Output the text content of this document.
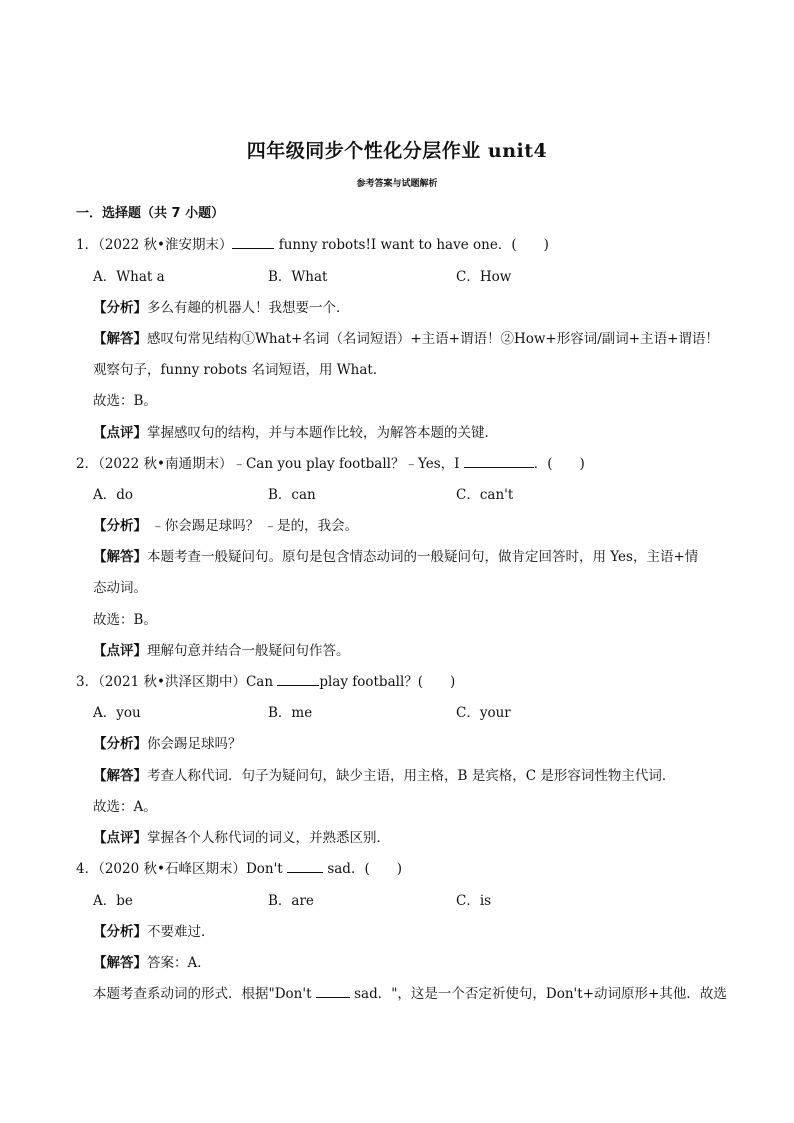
四年级同步个性化分层作业 unit4
参考答案与试题解析
一．选择题（共 7 小题）
1．（2022 秋•淮安期末）	funny robots!I want to have one．(　　)
A．What a	B．What	C．How
【分析】多么有趣的机器人！我想要一个．
【解答】感叹句常见结构①What+名词（名词短语）+主语+谓语！②How+形容词/副词+主语+谓语！
观察句子，funny robots 名词短语，用 What．
故选：B。
【点评】掌握感叹句的结构，并与本题作比较，为解答本题的关键．
2．（2022 秋•南通期末）﹣Can you play football？﹣Yes，I	．(　　)
A．do	B．can	C．can't
【分析】 ﹣你会踢足球吗？ ﹣是的，我会。
【解答】本题考查一般疑问句。原句是包含情态动词的一般疑问句，做肯定回答时，用 Yes，主语+情
态动词。
故选：B。
【点评】理解句意并结合一般疑问句作答。
3．（2021 秋•洪泽区期中）Can	play football？(　　)
A．you	B．me	C．your
【分析】你会踢足球吗？
【解答】考查人称代词．句子为疑问句，缺少主语，用主格，B 是宾格，C 是形容词性物主代词．
故选：A。
【点评】掌握各个人称代词的词义，并熟悉区别．
4．（2020 秋•石峰区期末）Don't	sad．(　　)
A．be	B．are	C．is
【分析】不要难过．
【解答】答案：A．
本题考查系动词的形式．根据"Don't	sad．"，这是一个否定祈使句，Don't+动词原形+其他．故选
